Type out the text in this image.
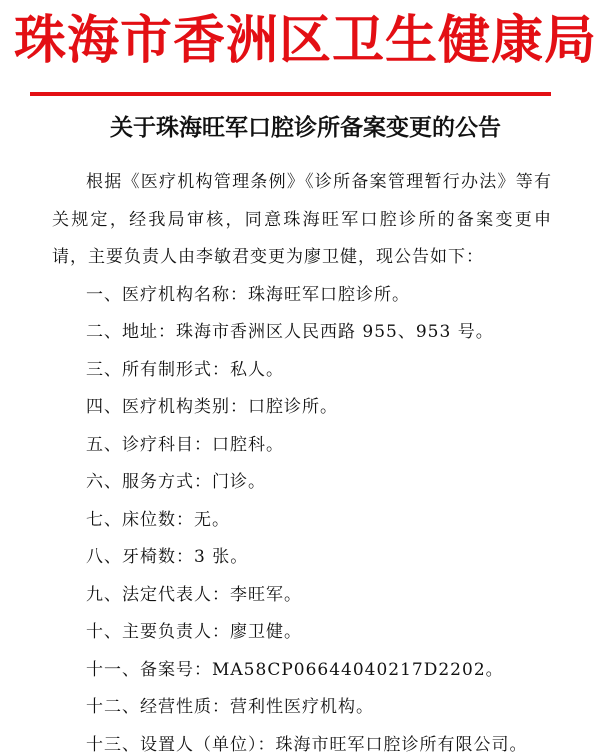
珠海市香洲区卫生健康局
关于珠海旺军口腔诊所备案变更的公告

根据《医疗机构管理条例》《诊所备案管理暂行办法》等有关规定，经我局审核，同意珠海旺军口腔诊所的备案变更申请，主要负责人由李敏君变更为廖卫健，现公告如下：

一、医疗机构名称：珠海旺军口腔诊所。

二、地址：珠海市香洲区人民西路 955、953 号。

三、所有制形式：私人。

四、医疗机构类别：口腔诊所。

五、诊疗科目：口腔科。

六、服务方式：门诊。

七、床位数：无。

八、牙椅数：3 张。

九、法定代表人：李旺军。

十、主要负责人：廖卫健。

十一、备案号：MA58CP06644040217D2202。

十二、经营性质：营利性医疗机构。

十三、设置人（单位）：珠海市旺军口腔诊所有限公司。
